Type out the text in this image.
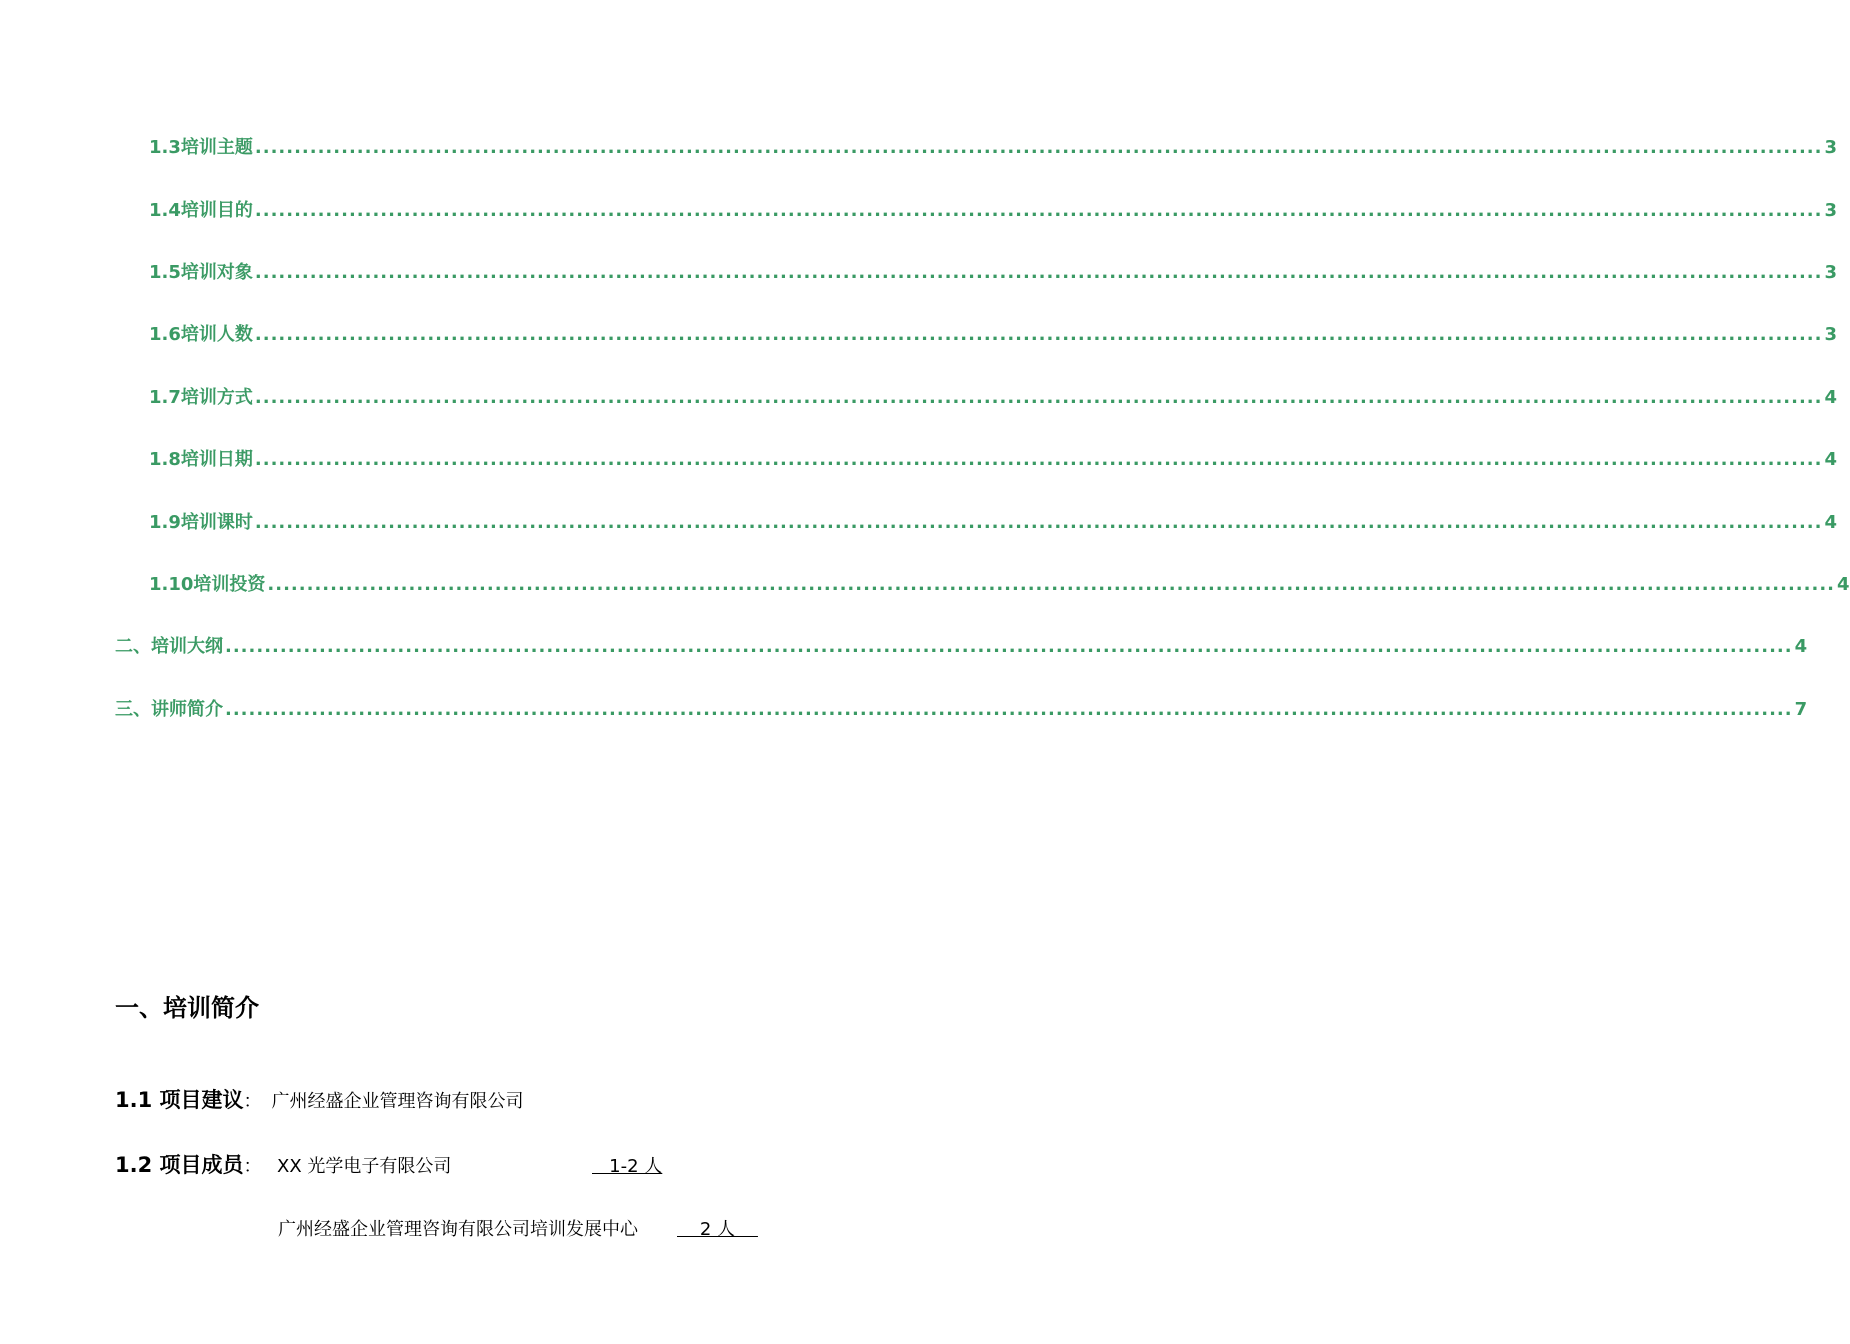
1.3 培训主题 ........................................................................................................................................................................................................ 3
1.4 培训目的 ........................................................................................................................................................................................................ 3
1.5 培训对象 ........................................................................................................................................................................................................ 3
1.6 培训人数 ........................................................................................................................................................................................................ 3
1.7 培训方式 ........................................................................................................................................................................................................ 4
1.8 培训日期 ........................................................................................................................................................................................................ 4
1.9 培训课时 ........................................................................................................................................................................................................ 4
1.10 培训投资 ........................................................................................................................................................................................................ 4
二、 培训大纲 ........................................................................................................................................................................................................ 4
三、 讲师简介 ........................................................................................................................................................................................................ 7
一、培训简介
1.1 项目建议 ： 广州经盛企业管理咨询有限公司
1.2 项目成员 ： XX 光学电子有限公司	1-2 人
广州经盛企业管理咨询有限公司培训发展中心 2 人
